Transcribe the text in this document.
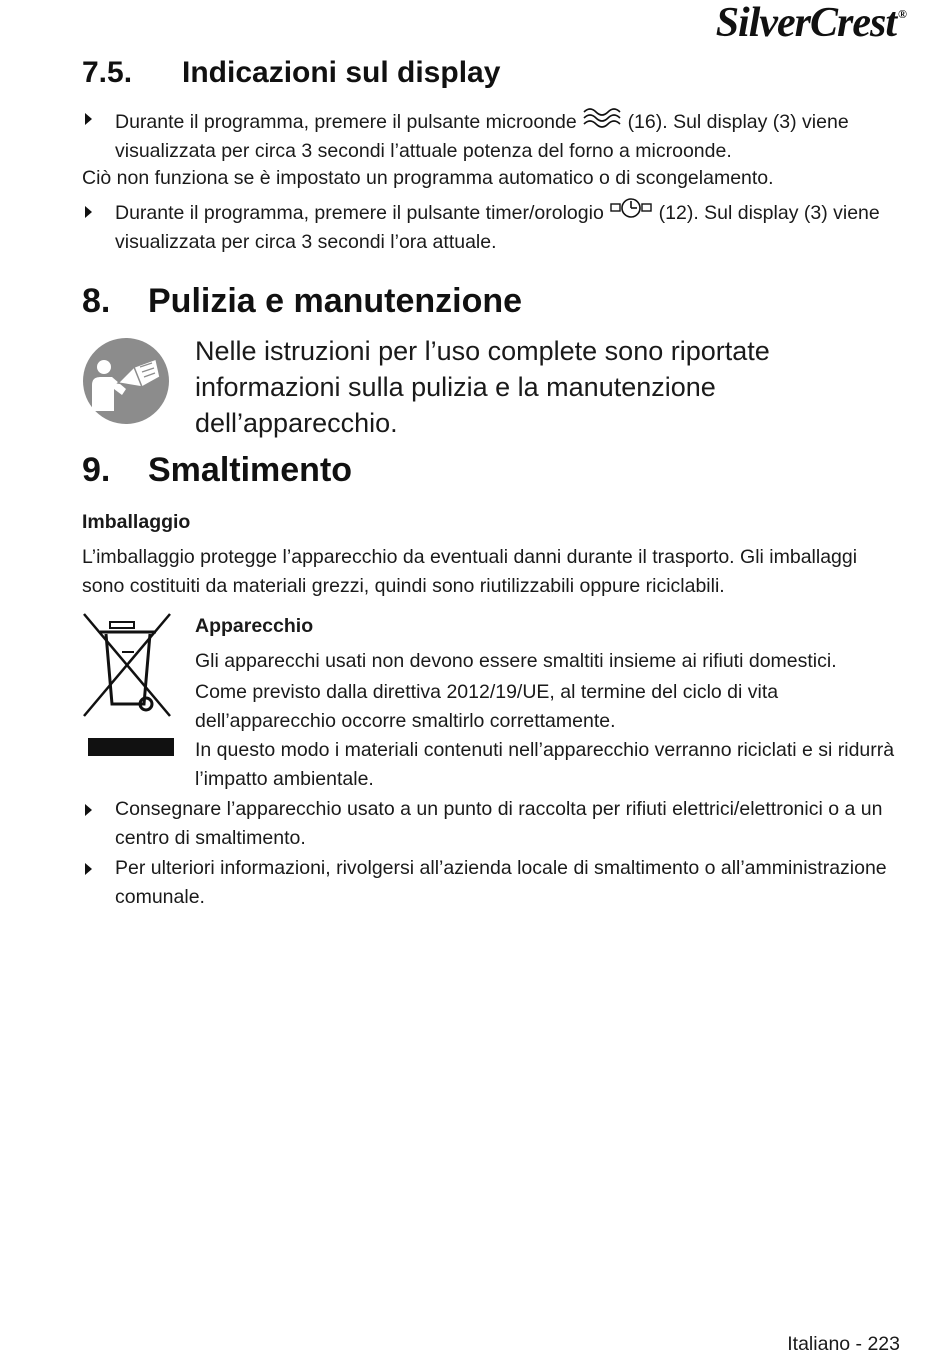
SilverCrest ®
7.5. Indicazioni sul display

Durante il programma, premere il pulsante microonde	(16). Sul display (3) viene visualizzata per circa 3 secondi l’attuale potenza del forno a microonde.

Ciò non funziona se è impostato un programma automatico o di scongelamento.

Durante il programma, premere il pulsante timer/orologio	(12). Sul display (3) viene visualizzata per circa 3 secondi l’ora attuale.

8. Pulizia e manutenzione

Nelle istruzioni per l’uso complete sono riportate informazioni sulla pulizia e la manutenzione dell’apparecchio.

9. Smaltimento
Imballaggio

L’imballaggio protegge l’apparecchio da eventuali danni durante il trasporto. Gli imballaggi sono costituiti da materiali grezzi, quindi sono riutilizzabili oppure riciclabili.

Apparecchio

Gli apparecchi usati non devono essere smaltiti insieme ai rifiuti domestici.

Come previsto dalla direttiva 2012/19/UE, al termine del ciclo di vita dell’apparecchio occorre smaltirlo correttamente.

In questo modo i materiali contenuti nell’apparecchio verranno riciclati e si ridurrà l’impatto ambientale.

Consegnare l’apparecchio usato a un punto di raccolta per rifiuti elettrici/elettronici o a un centro di smaltimento.

Per ulteriori informazioni, rivolgersi all’azienda locale di smaltimento o all’amministrazione comunale.

Italiano - 223
